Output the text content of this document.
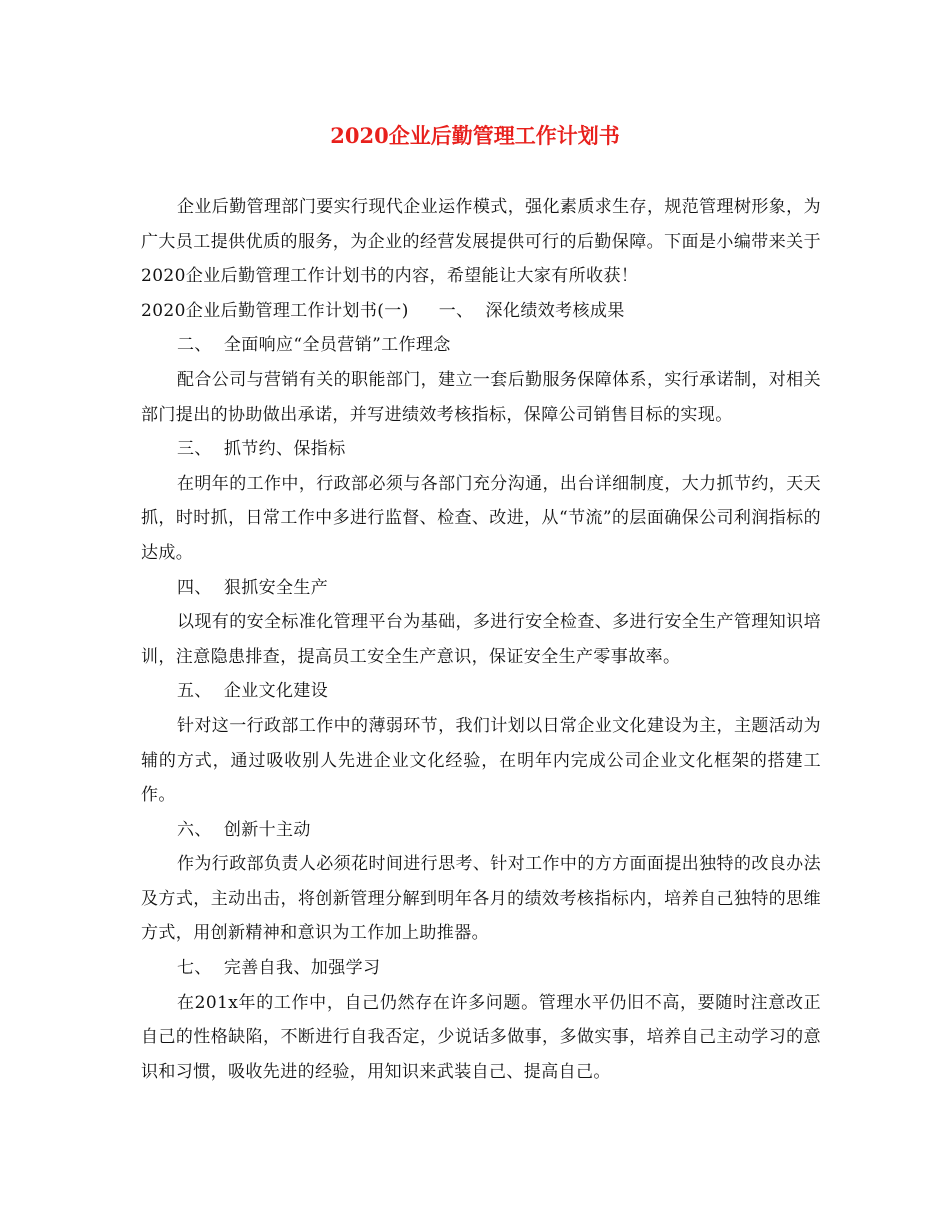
2020企业后勤管理工作计划书

企业后勤管理部门要实行现代企业运作模式，强化素质求生存，规范管理树形象，为广大员工提供优质的服务，为企业的经营发展提供可行的后勤保障。下面是小编带来关于2020企业后勤管理工作计划书的内容，希望能让大家有所收获！

2020企业后勤管理工作计划书(一) 一、 深化绩效考核成果

二、 全面响应“全员营销”工作理念

配合公司与营销有关的职能部门，建立一套后勤服务保障体系，实行承诺制，对相关部门提出的协助做出承诺，并写进绩效考核指标，保障公司销售目标的实现。

三、 抓节约、保指标

在明年的工作中，行政部必须与各部门充分沟通，出台详细制度，大力抓节约，天天抓，时时抓，日常工作中多进行监督、检查、改进，从“节流”的层面确保公司利润指标的达成。

四、 狠抓安全生产

以现有的安全标准化管理平台为基础，多进行安全检查、多进行安全生产管理知识培训，注意隐患排查，提高员工安全生产意识，保证安全生产零事故率。

五、 企业文化建设

针对这一行政部工作中的薄弱环节，我们计划以日常企业文化建设为主，主题活动为辅的方式，通过吸收别人先进企业文化经验，在明年内完成公司企业文化框架的搭建工作。

六、 创新十主动

作为行政部负责人必须花时间进行思考、针对工作中的方方面面提出独特的改良办法及方式，主动出击，将创新管理分解到明年各月的绩效考核指标内，培养自己独特的思维方式，用创新精神和意识为工作加上助推器。

七、 完善自我、加强学习

在201x年的工作中，自己仍然存在许多问题。管理水平仍旧不高，要随时注意改正自己的性格缺陷，不断进行自我否定，少说话多做事，多做实事，培养自己主动学习的意识和习惯，吸收先进的经验，用知识来武装自己、提高自己。
